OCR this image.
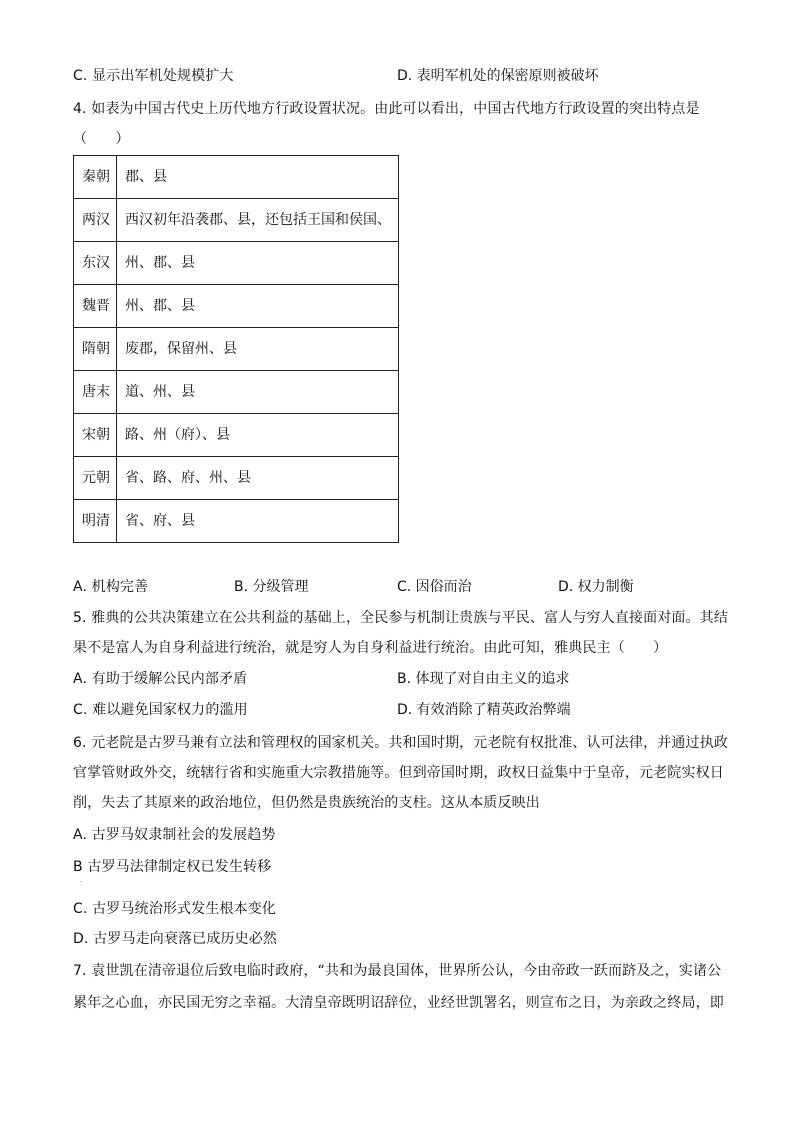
C. 显示出军机处规模扩大	D. 表明军机处的保密原则被破坏
4. 如表为中国古代史上历代地方行政设置状况。由此可以看出，中国古代地方行政设置的突出特点是
（　　）
秦朝	郡、县
两汉	西汉初年沿袭郡、县，还包括王国和侯国、
东汉	州、郡、县
魏晋	州、郡、县
隋朝	废郡，保留州、县
唐末	道、州、县
宋朝	路、州（府）、县
元朝	省、路、府、州、县
明清	省、府、县
A. 机构完善	B. 分级管理	C. 因俗而治	D. 权力制衡
5. 雅典的公共决策建立在公共利益的基础上，全民参与机制让贵族与平民、富人与穷人直接面对面。其结
果不是富人为自身利益进行统治，就是穷人为自身利益进行统治。由此可知，雅典民主（　　）
A. 有助于缓解公民内部矛盾	B. 体现了对自由主义的追求
C. 难以避免国家权力的滥用	D. 有效消除了精英政治弊端
6. 元老院是古罗马兼有立法和管理权的国家机关。共和国时期，元老院有权批准、认可法律，并通过执政
官掌管财政外交，统辖行省和实施重大宗教措施等。但到帝国时期，政权日益集中于皇帝，元老院实权日
削，失去了其原来的政治地位，但仍然是贵族统治的支柱。这从本质反映出
A. 古罗马奴隶制社会的发展趋势
B 古罗马法律制定权已发生转移
.
C. 古罗马统治形式发生根本变化
D. 古罗马走向衰落已成历史必然
7. 袁世凯在清帝退位后致电临时政府，“共和为最良国体，世界所公认，今由帝政一跃而跻及之，实诸公
累年之心血，亦民国无穷之幸福。大清皇帝既明诏辞位，业经世凯署名，则宣布之日，为亲政之终局，即
